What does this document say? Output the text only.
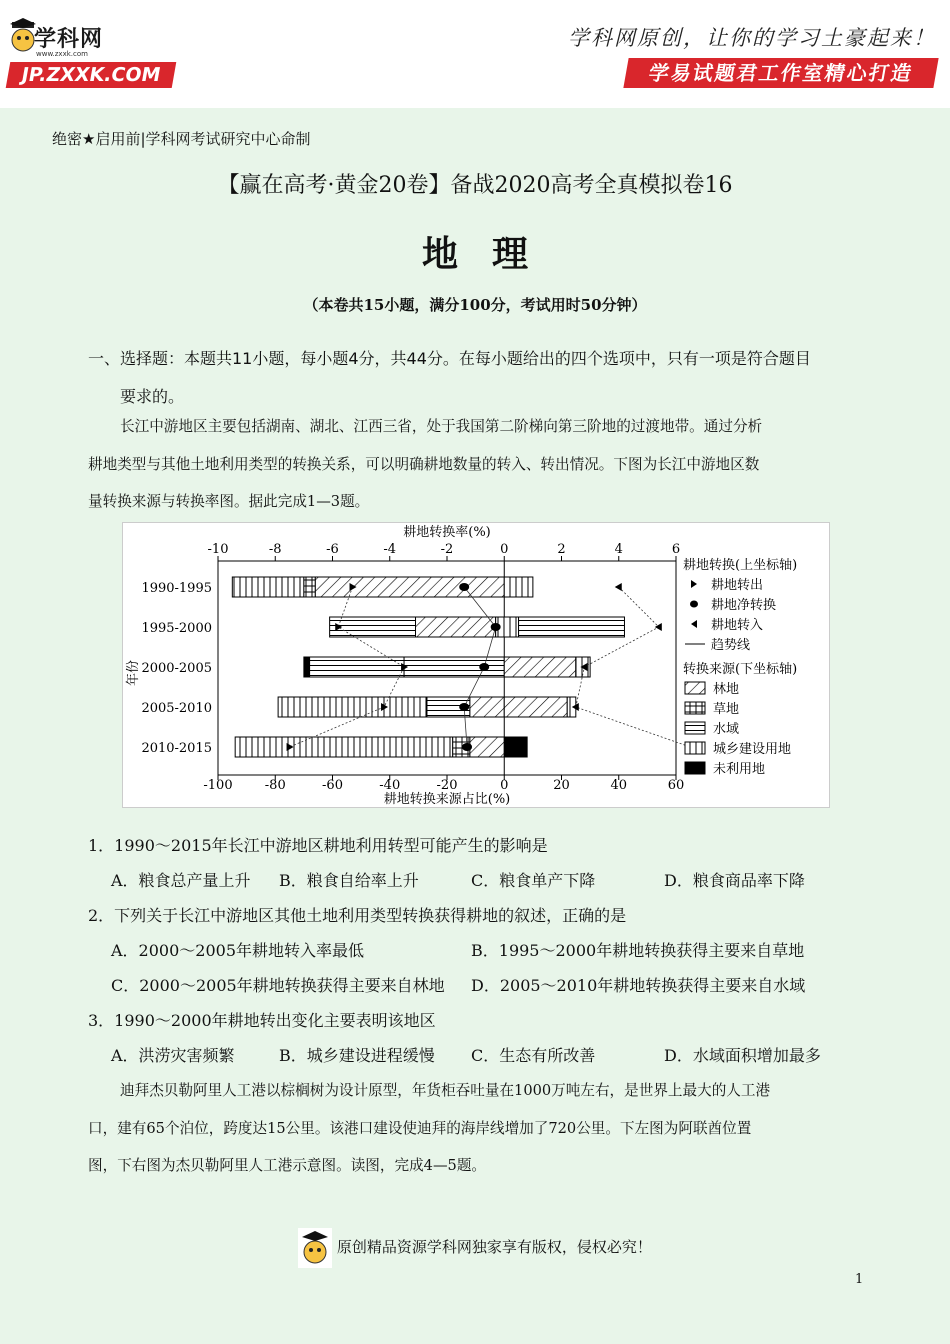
学科网
www.zxxk.com
JP.ZXXK.COM
学科网原创，让你的学习土豪起来！
学易试题君工作室精心打造
绝密★启用前|学科网考试研究中心命制
【赢在高考·黄金20卷】备战2020高考全真模拟卷16
地理
（本卷共15小题，满分100分，考试用时50分钟）
一、选择题：本题共11小题，每小题4分，共44分。在每小题给出的四个选项中，只有一项是符合题目
要求的。
长江中游地区主要包括湖南、湖北、江西三省，处于我国第二阶梯向第三阶地的过渡地带。通过分析
耕地类型与其他土地利用类型的转换关系，可以明确耕地数量的转入、转出情况。下图为长江中游地区数
量转换来源与转换率图。据此完成1—3题。
耕地转换率(%)
耕地转换来源占比(%)
年份
-10	-8	-6	-4	-2	0	2	4	6
-100 -80	-60	-40	-20	0	20	40	60
1990-1995
1995-2000
2000-2005
2005-2010
2010-2015
耕地转换(上坐标轴)
耕地转出
耕地净转换
耕地转入
趋势线
转换来源(下坐标轴)
林地
草地
水域
城乡建设用地
未利用地
1．1990～2015年长江中游地区耕地利用转型可能产生的影响是
A．粮食总产量上升 B．粮食自给率上升	C．粮食单产下降	D．粮食商品率下降
2．下列关于长江中游地区其他土地利用类型转换获得耕地的叙述，正确的是
A．2000～2005年耕地转入率最低	B．1995～2000年耕地转换获得主要来自草地
C．2000～2005年耕地转换获得主要来自林地 D．2005～2010年耕地转换获得主要来自水域
3．1990～2000年耕地转出变化主要表明该地区
A．洪涝灾害频繁	B．城乡建设进程缓慢 C．生态有所改善	D．水域面积增加最多
迪拜杰贝勒阿里人工港以棕榈树为设计原型，年货柜吞吐量在1000万吨左右，是世界上最大的人工港
口，建有65个泊位，跨度达15公里。该港口建设使迪拜的海岸线增加了720公里。下左图为阿联酋位置
图，下右图为杰贝勒阿里人工港示意图。读图，完成4—5题。
原创精品资源学科网独家享有版权，侵权必究！
1
